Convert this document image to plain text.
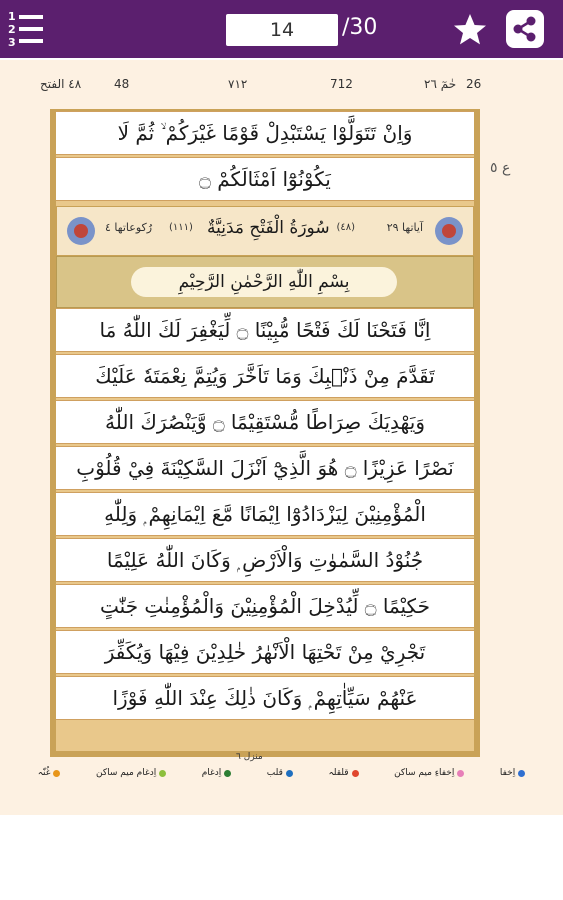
1
2
3
14	/30
٤٨ الفتح	48	٧١٢	712	حٰمٓ ٢٦ 26
ع ٥
وَاِنْ تَتَوَلَّوْا يَسْتَبْدِلْ قَوْمًا غَيْرَكُمْ ۙ ثُمَّ لَا
يَكُوْنُوْٓا اَمْثَالَكُمْ ۝
آياتها ٢٩
(٤٨)
سُورَةُ الْفَتْحِ مَدَنِيَّةٌ
(١١١)
رُكوعاتها ٤
بِسْمِ اللّٰهِ الرَّحْمٰنِ الرَّحِيْمِ
اِنَّا فَتَحْنَا لَكَ فَتْحًا مُّبِيْنًا ۝ لِّيَغْفِرَ لَكَ اللّٰهُ مَا
تَقَدَّمَ مِنْ ذَنْۢبِكَ وَمَا تَاَخَّرَ وَيُتِمَّ نِعْمَتَهٗ عَلَيْكَ
وَيَهْدِيَكَ صِرَاطًا مُّسْتَقِيْمًا ۝ وَّيَنْصُرَكَ اللّٰهُ
نَصْرًا عَزِيْزًا ۝ هُوَ الَّذِيْٓ اَنْزَلَ السَّكِيْنَةَ فِيْ قُلُوْبِ
الْمُؤْمِنِيْنَ لِيَزْدَادُوْٓا اِيْمَانًا مَّعَ اِيْمَانِهِمْ ۭ وَلِلّٰهِ
جُنُوْدُ السَّمٰوٰتِ وَالْاَرْضِ ۭ وَكَانَ اللّٰهُ عَلِيْمًا
حَكِيْمًا ۝ لِّيُدْخِلَ الْمُؤْمِنِيْنَ وَالْمُؤْمِنٰتِ جَنّٰتٍ
تَجْرِيْ مِنْ تَحْتِهَا الْاَنْهٰرُ خٰلِدِيْنَ فِيْهَا وَيُكَفِّرَ
عَنْهُمْ سَيِّاٰتِهِمْ ۭ وَكَانَ ذٰلِكَ عِنْدَ اللّٰهِ فَوْزًا
منزل ٦
اِخفا
اِخفاءِ میم ساکن
قلقلہ
قلب
اِدغام
اِدغام میم ساکن
غُنّہ
